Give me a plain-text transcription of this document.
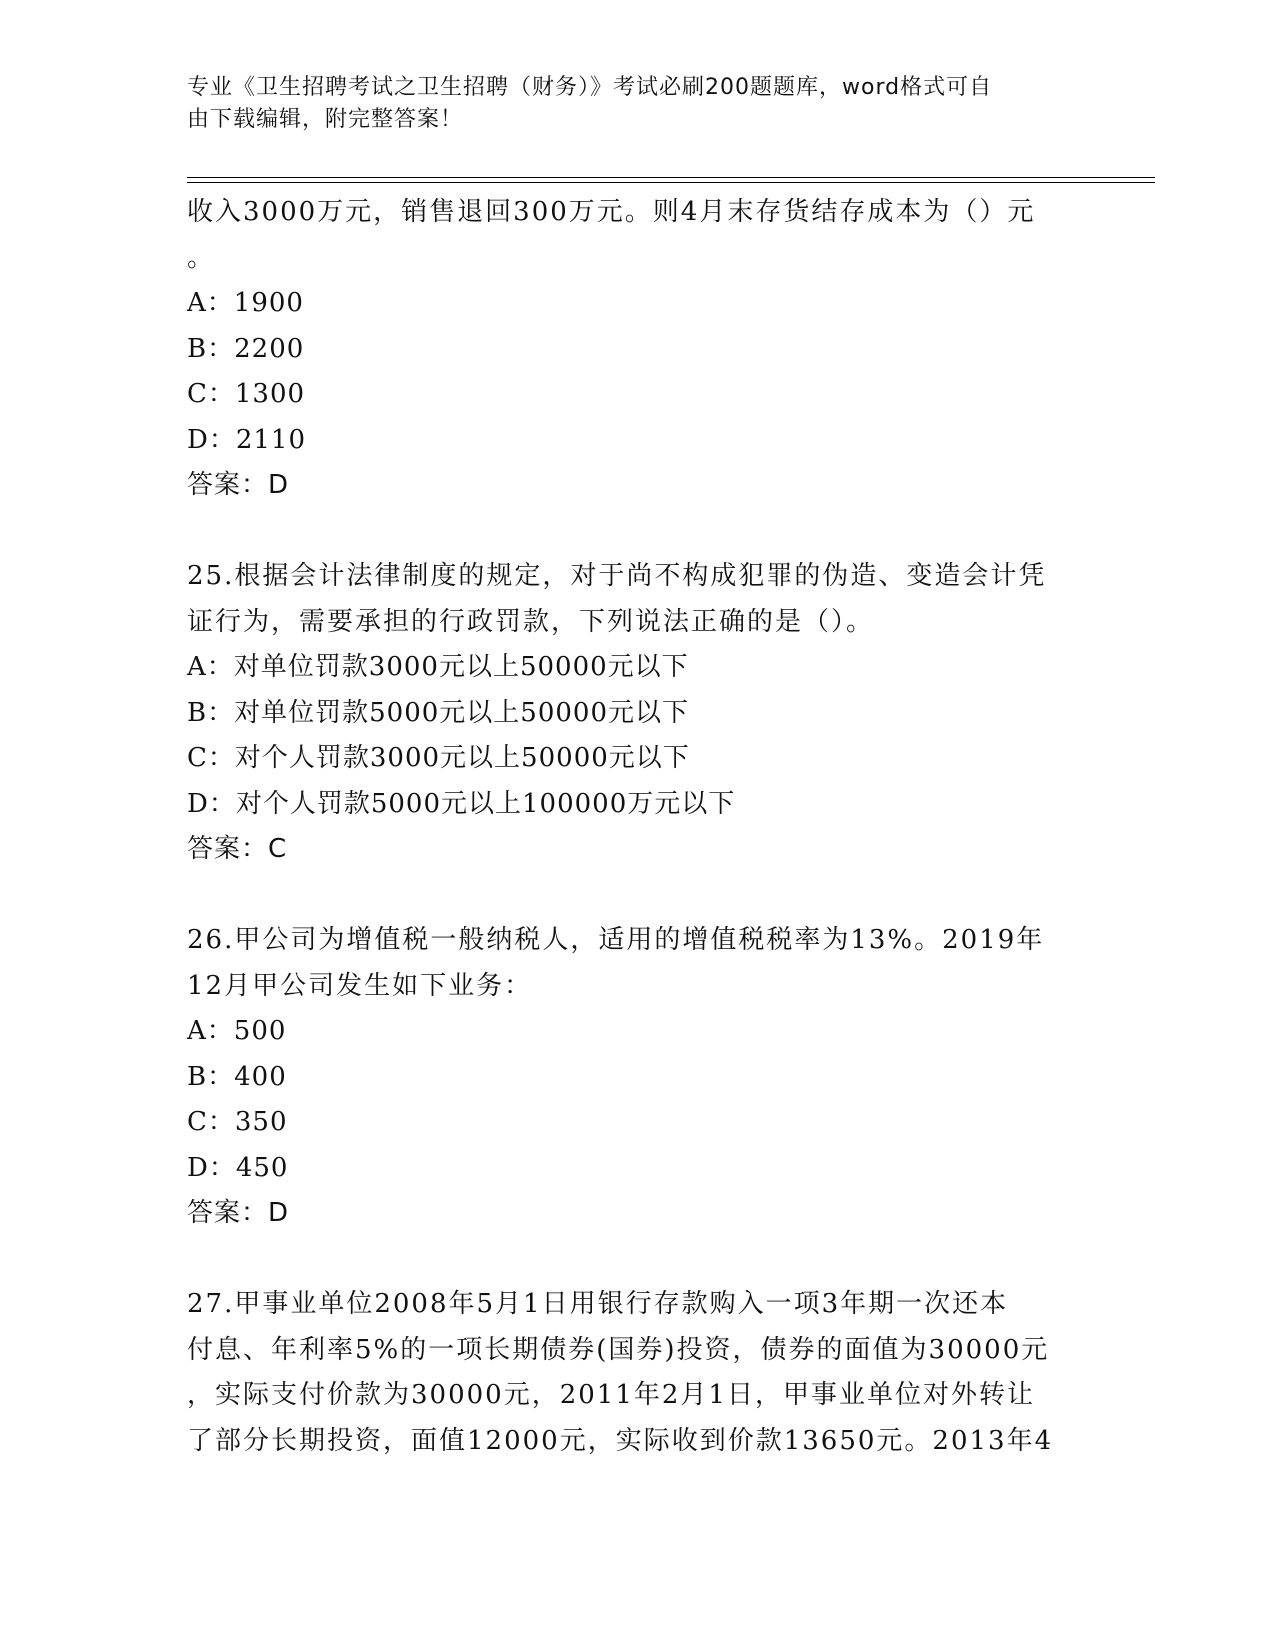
专业《卫生招聘考试之卫生招聘（财务）》考试必刷200题题库，word格式可自
由下载编辑，附完整答案！
收入3000万元，销售退回300万元。则4月末存货结存成本为（）元
。
A：1900
B：2200
C：1300
D：2110
答案：D
25.根据会计法律制度的规定，对于尚不构成犯罪的伪造、变造会计凭
证行为，需要承担的行政罚款，下列说法正确的是（）。
A：对单位罚款3000元以上50000元以下
B：对单位罚款5000元以上50000元以下
C：对个人罚款3000元以上50000元以下
D：对个人罚款5000元以上100000万元以下
答案：C
26.甲公司为增值税一般纳税人，适用的增值税税率为13%。2019年
12月甲公司发生如下业务：
A：500
B：400
C：350
D：450
答案：D
27.甲事业单位2008年5月1日用银行存款购入一项3年期一次还本
付息、年利率5%的一项长期债券(国券)投资，债券的面值为30000元
，实际支付价款为30000元，2011年2月1日，甲事业单位对外转让
了部分长期投资，面值12000元，实际收到价款13650元。2013年4
